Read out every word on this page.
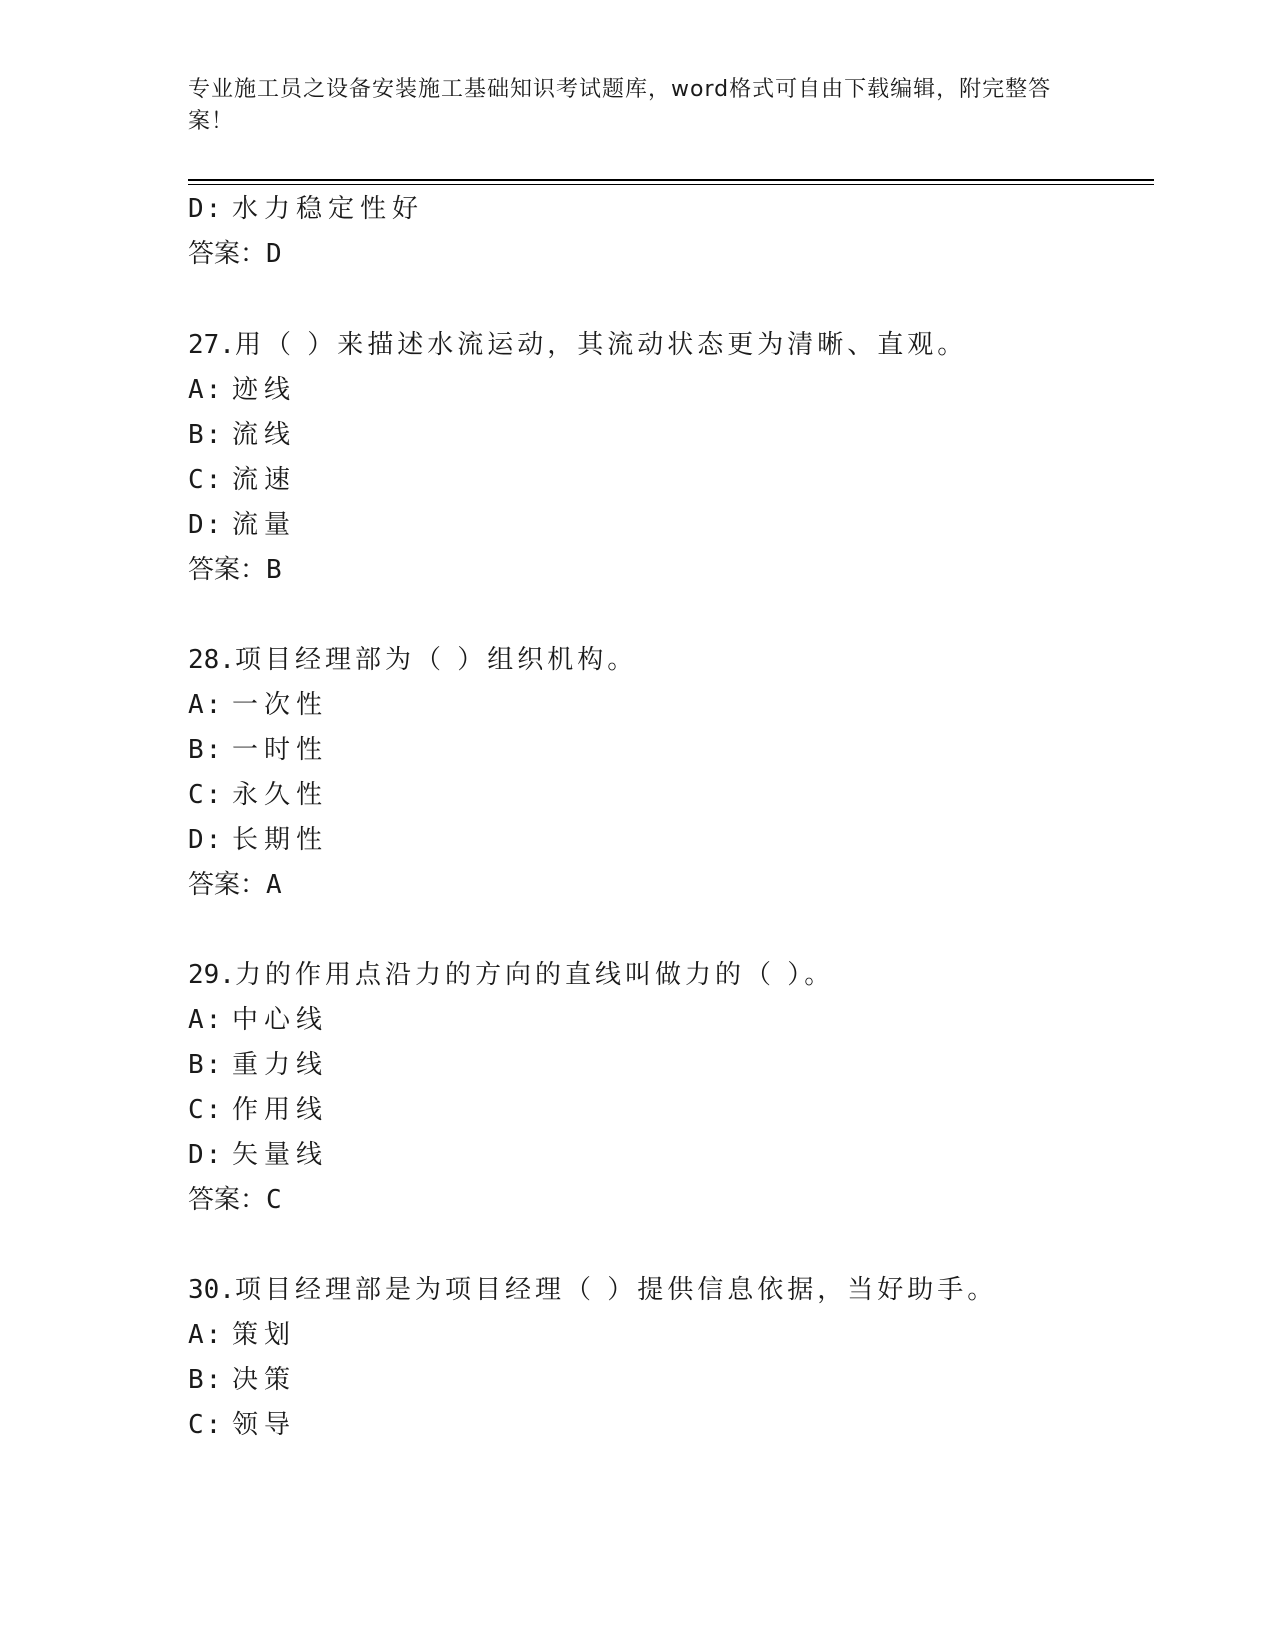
专业施工员之设备安装施工基础知识考试题库，word格式可自由下载编辑，附完整答案！
D: 水力稳定性好
答案：D
27.用（ ）来描述水流运动，其流动状态更为清晰、直观。
A: 迹线
B: 流线
C: 流速
D: 流量
答案：B
28.项目经理部为（ ）组织机构。
A: 一次性
B: 一时性
C: 永久性
D: 长期性
答案：A
29.力的作用点沿力的方向的直线叫做力的（ ）。
A: 中心线
B: 重力线
C: 作用线
D: 矢量线
答案：C
30.项目经理部是为项目经理（ ）提供信息依据，当好助手。
A: 策划
B: 决策
C: 领导
